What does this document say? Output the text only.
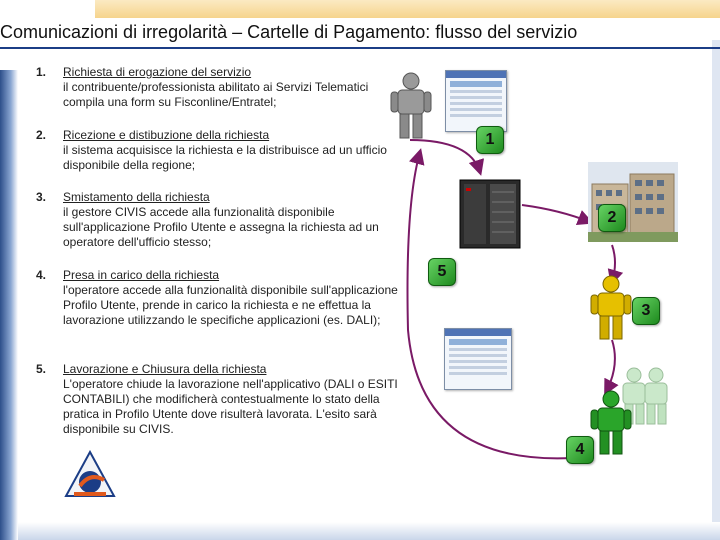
Comunicazioni di irregolarità – Cartelle di Pagamento: flusso del servizio
1. Richiesta di erogazione del servizio
il contribuente/professionista abilitato ai Servizi Telematici compila una form su Fisconline/Entratel;
2. Ricezione e distibuzione della richiesta
il sistema acquisisce la richiesta e la distribuisce ad un ufficio disponibile della regione;
3. Smistamento della richiesta
il gestore CIVIS accede alla funzionalità disponibile sull'applicazione Profilo Utente e assegna la richiesta ad un operatore dell'ufficio stesso;
4. Presa in carico della richiesta
l'operatore accede alla funzionalità disponibile sull'applicazione Profilo Utente, prende in carico la richiesta e ne effettua la lavorazione utilizzando le specifiche applicazioni (es. DALI);
5. Lavorazione e Chiusura della richiesta
L'operatore chiude la lavorazione nell'applicativo (DALI o ESITI CONTABILI) che modificherà contestualmente lo stato della pratica in Profilo Utente dove risulterà lavorata. L'esito sarà disponibile su CIVIS.
1
2
3
4
5
